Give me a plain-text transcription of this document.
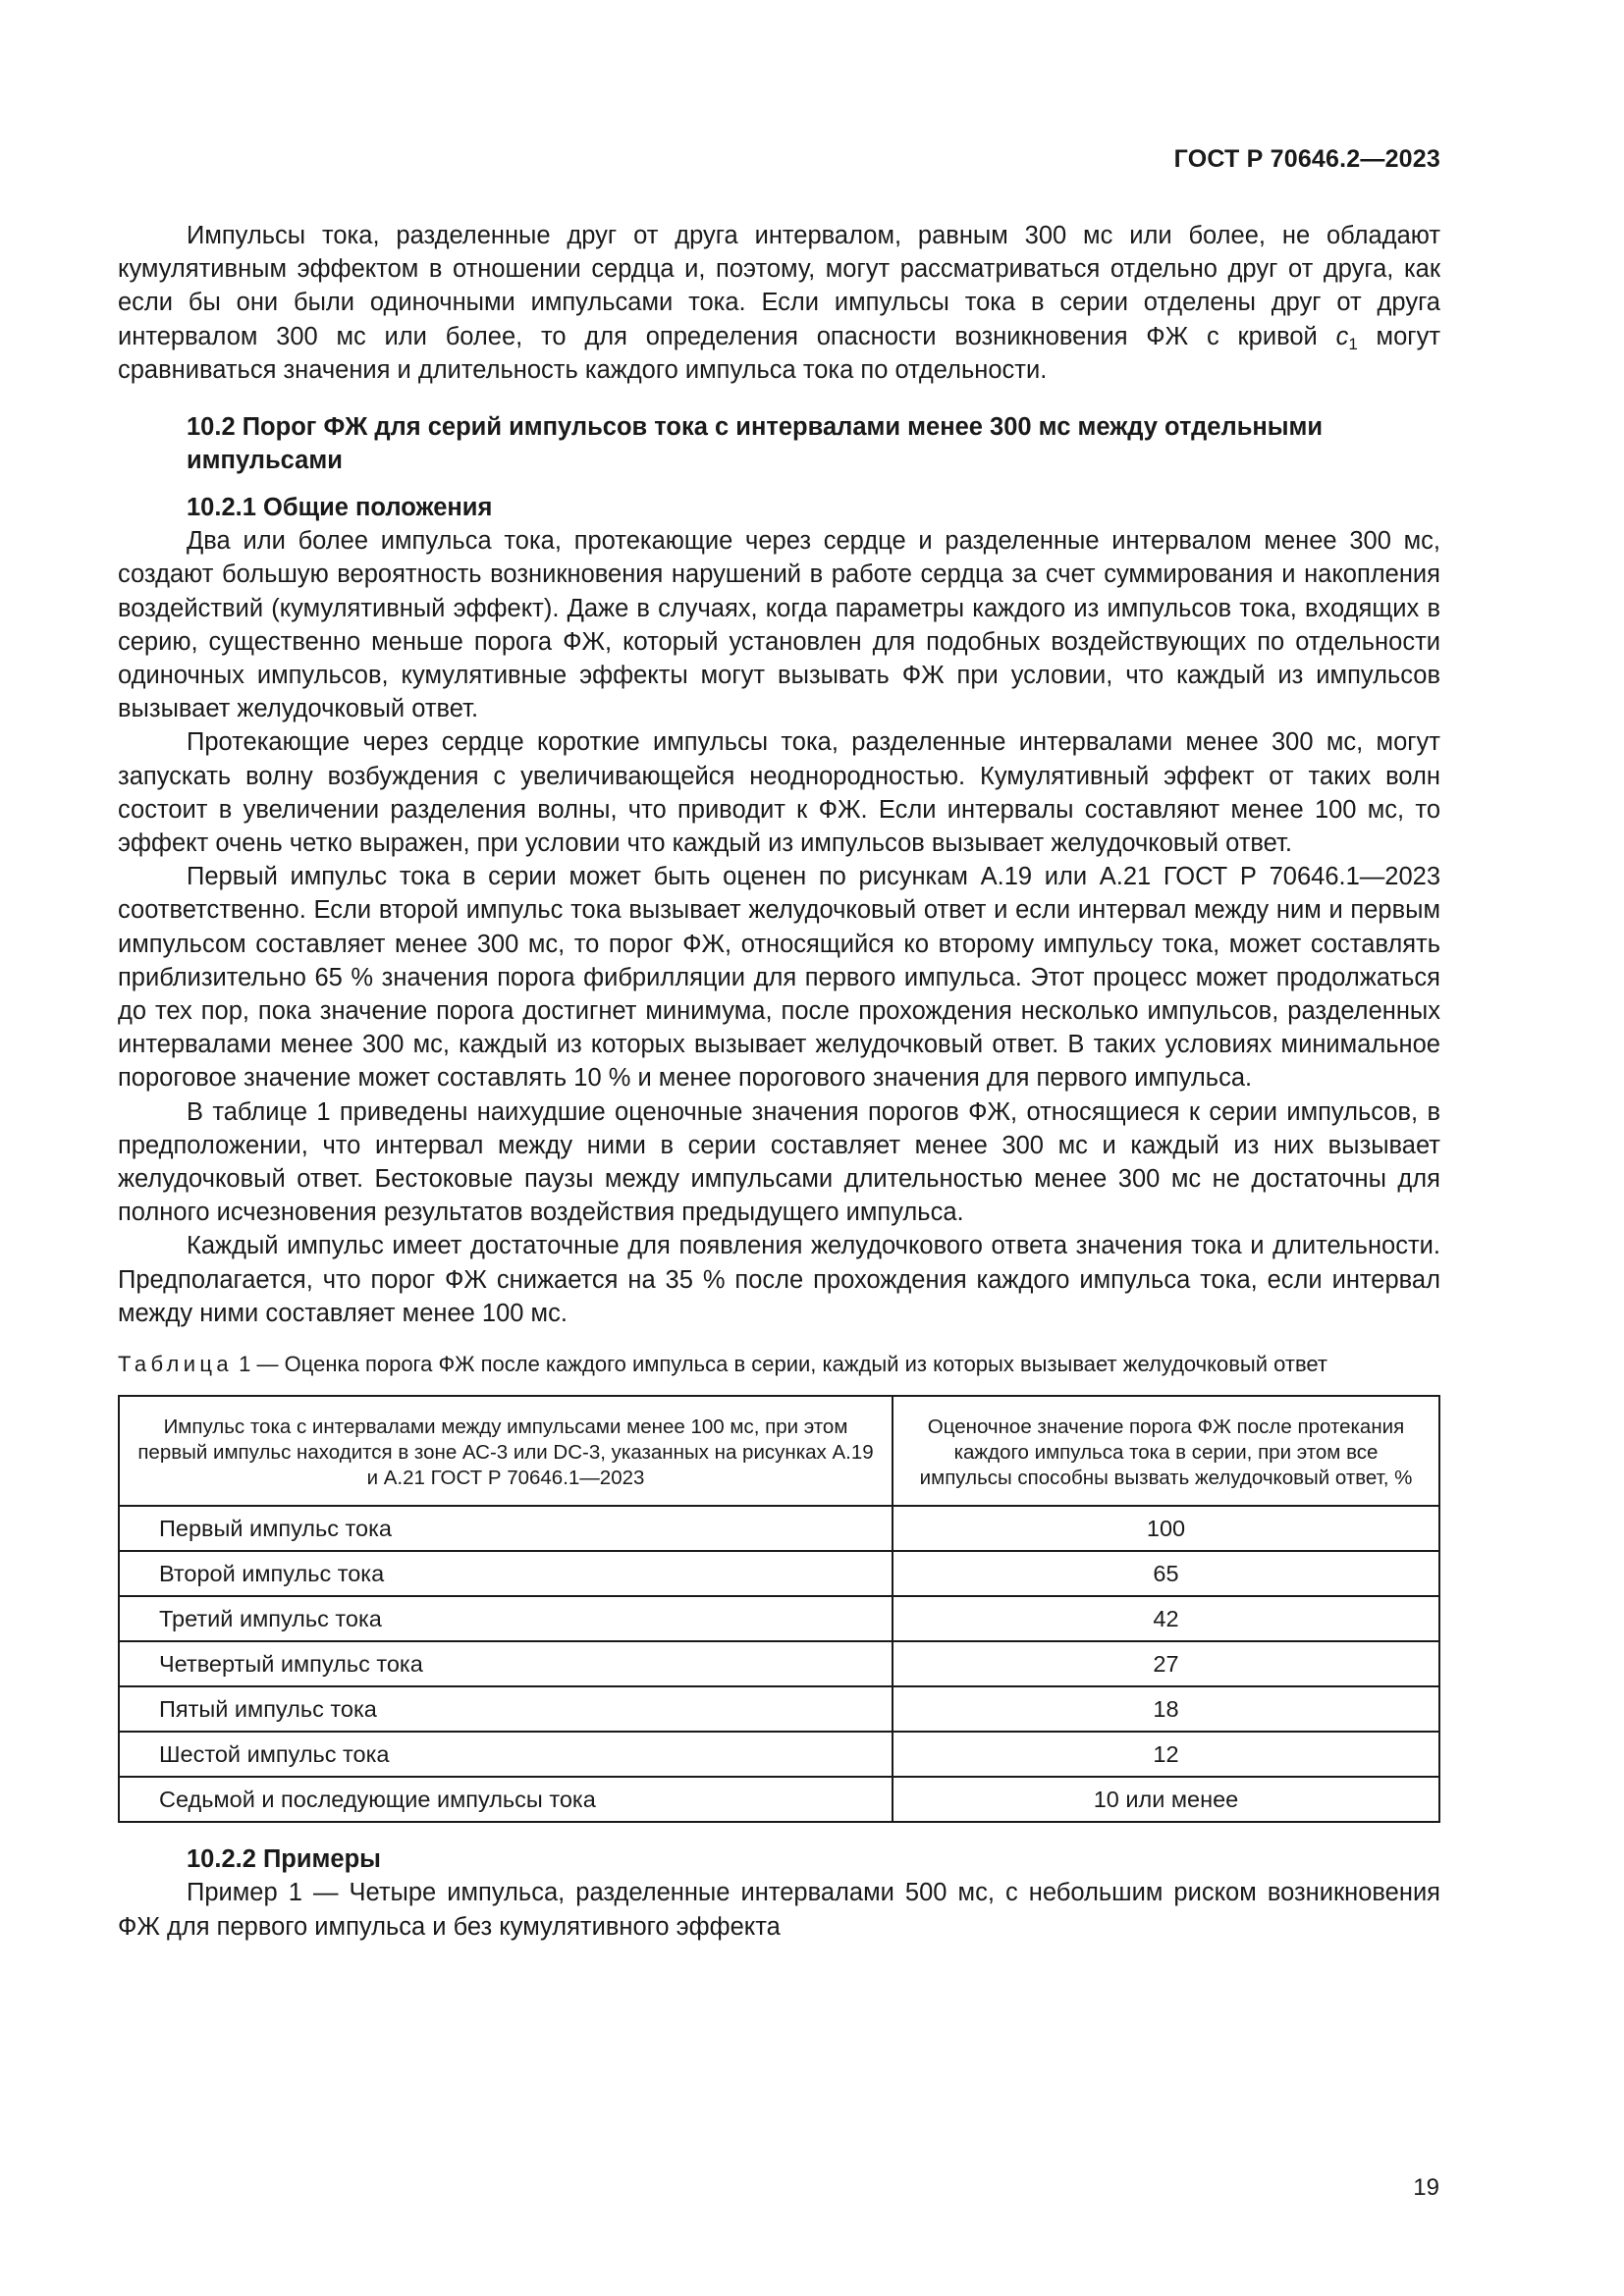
ГОСТ Р 70646.2—2023

Импульсы тока, разделенные друг от друга интервалом, равным 300 мс или более, не обладают кумулятивным эффектом в отношении сердца и, поэтому, могут рассматриваться отдельно друг от друга, как если бы они были одиночными импульсами тока. Если импульсы тока в серии отделены друг от друга интервалом 300 мс или более, то для определения опасности возникновения ФЖ с кривой $c_1$ могут сравниваться значения и длительность каждого импульса тока по отдельности.

10.2 Порог ФЖ для серий импульсов тока с интервалами менее 300 мс между отдельными импульсами

10.2.1 Общие положения

Два или более импульса тока, протекающие через сердце и разделенные интервалом менее 300 мс, создают большую вероятность возникновения нарушений в работе сердца за счет суммирования и накопления воздействий (кумулятивный эффект). Даже в случаях, когда параметры каждого из импульсов тока, входящих в серию, существенно меньше порога ФЖ, который установлен для подобных воздействующих по отдельности одиночных импульсов, кумулятивные эффекты могут вызывать ФЖ при условии, что каждый из импульсов вызывает желудочковый ответ.

Протекающие через сердце короткие импульсы тока, разделенные интервалами менее 300 мс, могут запускать волну возбуждения с увеличивающейся неоднородностью. Кумулятивный эффект от таких волн состоит в увеличении разделения волны, что приводит к ФЖ. Если интервалы составляют менее 100 мс, то эффект очень четко выражен, при условии что каждый из импульсов вызывает желудочковый ответ.

Первый импульс тока в серии может быть оценен по рисункам А.19 или А.21 ГОСТ Р 70646.1—2023 соответственно. Если второй импульс тока вызывает желудочковый ответ и если интервал между ним и первым импульсом составляет менее 300 мс, то порог ФЖ, относящийся ко второму импульсу тока, может составлять приблизительно 65 % значения порога фибрилляции для первого импульса. Этот процесс может продолжаться до тех пор, пока значение порога достигнет минимума, после прохождения несколько импульсов, разделенных интервалами менее 300 мс, каждый из которых вызывает желудочковый ответ. В таких условиях минимальное пороговое значение может составлять 10 % и менее порогового значения для первого импульса.

В таблице 1 приведены наихудшие оценочные значения порогов ФЖ, относящиеся к серии импульсов, в предположении, что интервал между ними в серии составляет менее 300 мс и каждый из них вызывает желудочковый ответ. Бестоковые паузы между импульсами длительностью менее 300 мс не достаточны для полного исчезновения результатов воздействия предыдущего импульса.

Каждый импульс имеет достаточные для появления желудочкового ответа значения тока и длительности. Предполагается, что порог ФЖ снижается на 35 % после прохождения каждого импульса тока, если интервал между ними составляет менее 100 мс.

Таблица 1 — Оценка порога ФЖ после каждого импульса в серии, каждый из которых вызывает желудочковый ответ

Импульс тока с интервалами между импульсами менее 100 мс, при этом первый импульс находится в зоне АС-3 или DC-3, указанных на рисунках А.19 и А.21 ГОСТ Р 70646.1—2023	Оценочное значение порога ФЖ после протекания каждого импульса тока в серии, при этом все импульсы способны вызвать желудочковый ответ, %
Первый импульс тока	100
Второй импульс тока	65
Третий импульс тока	42
Четвертый импульс тока	27
Пятый импульс тока	18
Шестой импульс тока	12
Седьмой и последующие импульсы тока	10 или менее

10.2.2 Примеры

Пример 1 — Четыре импульса, разделенные интервалами 500 мс, с небольшим риском возникновения ФЖ для первого импульса и без кумулятивного эффекта

19
